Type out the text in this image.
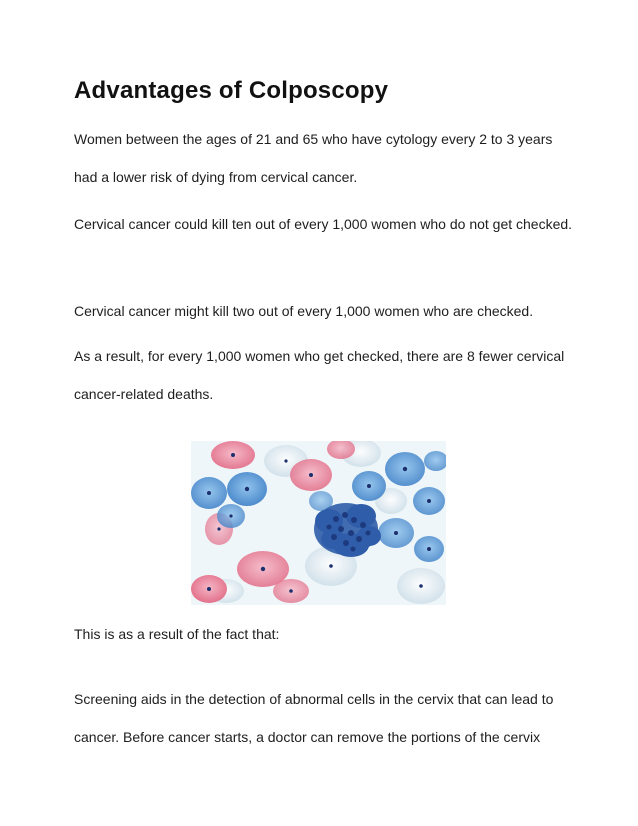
Advantages of Colposcopy

Women between the ages of 21 and 65 who have cytology every 2 to 3 years had a lower risk of dying from cervical cancer.

Cervical cancer could kill ten out of every 1,000 women who do not get checked.

Cervical cancer might kill two out of every 1,000 women who are checked.

As a result, for every 1,000 women who get checked, there are 8 fewer cervical cancer-related deaths.

This is as a result of the fact that:

Screening aids in the detection of abnormal cells in the cervix that can lead to cancer. Before cancer starts, a doctor can remove the portions of the cervix
